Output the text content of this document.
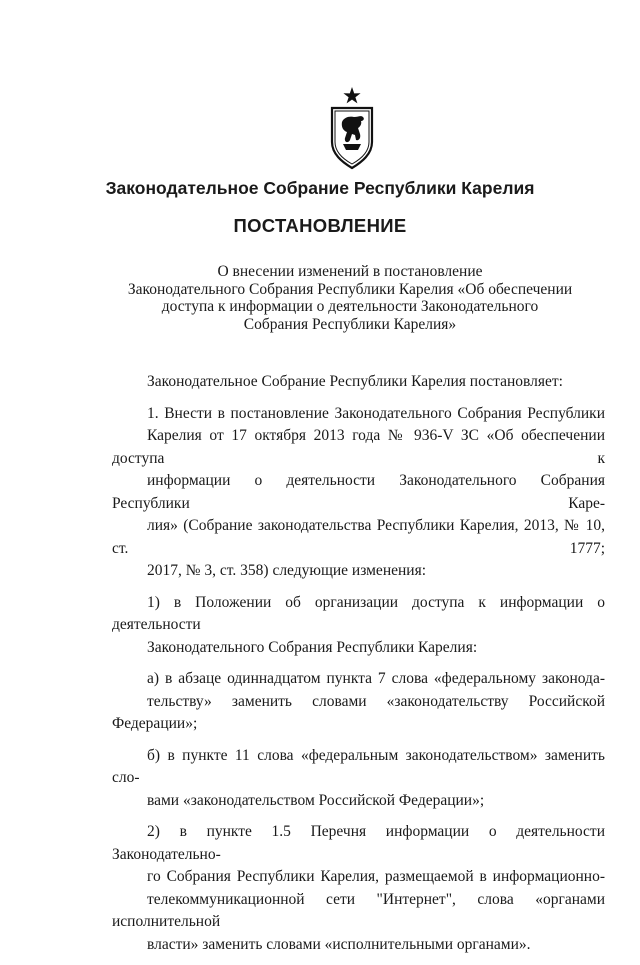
Законодательное Собрание Республики Карелия
ПОСТАНОВЛЕНИЕ
О внесении изменений в постановление
Законодательного Собрания Республики Карелия «Об обеспечении
доступа к информации о деятельности Законодательного
Собрания Республики Карелия»

Законодательное Собрание Республики Карелия постановляет:

1. Внести в постановление Законодательного Собрания Республики
Карелия от 17 октября 2013 года № 936-V ЗС «Об обеспечении доступа к
информации о деятельности Законодательного Собрания Республики Каре-
лия» (Собрание законодательства Республики Карелия, 2013, № 10, ст. 1777;
2017, № 3, ст. 358) следующие изменения:

1) в Положении об организации доступа к информации о деятельности
Законодательного Собрания Республики Карелия:

а) в абзаце одиннадцатом пункта 7 слова «федеральному законода-
тельству» заменить словами «законодательству Российской Федерации»;

б) в пункте 11 слова «федеральным законодательством» заменить сло-
вами «законодательством Российской Федерации»;

2) в пункте 1.5 Перечня информации о деятельности Законодательно-
го Собрания Республики Карелия, размещаемой в информационно-
телекоммуникационной сети "Интернет", слова «органами исполнительной
власти» заменить словами «исполнительными органами».
